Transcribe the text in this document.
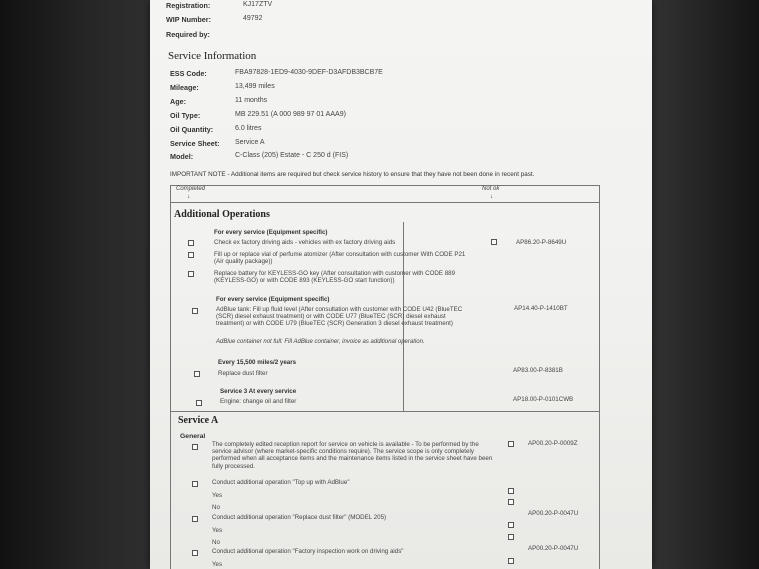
Registration:	KJ17ZTV
WIP Number:	49792
Required by:
Service Information
ESS Code:	FBA97828-1ED9-4030-9DEF-D3AFDB3BCB7E
Mileage:	13,499 miles
Age:	11 months
Oil Type:	MB 229.51 (A 000 989 97 01 AAA9)
Oil Quantity:	6.0 litres
Service Sheet: Service A
Model:	C-Class (205) Estate - C 250 d (FIS)
IMPORTANT NOTE - Additional items are required but check service history to ensure that they have not been done in recent past.
Completed
↓
Not ok
↓
Additional Operations
For every service (Equipment specific)
Check ex factory driving aids - vehicles with ex factory driving aids	AP86.20-P-8649U
Fill up or replace vial of perfume atomizer (After consultation with customer With CODE P21 (Air quality package))
Replace battery for KEYLESS-GO key (After consultation with customer with CODE 889 (KEYLESS-GO) or with CODE 893 (KEYLESS-GO start function))
For every service (Equipment specific)
AdBlue tank: Fill up fluid level (After consultation with customer with CODE U42 (BlueTEC (SCR) diesel exhaust treatment) or with CODE U77 (BlueTEC (SCR) diesel exhaust treatment) or with CODE U79 (BlueTEC (SCR) Generation 3 diesel exhaust treatment)
AP14.40-P-1410BT
AdBlue container not full: Fill AdBlue container, invoice as additional operation.
Every 15,500 miles/2 years
Replace dust filter	AP83.00-P-8381B
Service 3 At every service
Engine: change oil and filter	AP18.00-P-0101CWB
Service A
General
The completely edited reception report for service on vehicle is available - To be performed by the service advisor (where market-specific conditions require). The service scope is only completely performed when all acceptance items and the maintenance items listed in the service sheet have been fully processed.
AP00.20-P-0009Z
Conduct additional operation "Top up with AdBlue"
Yes
No
Conduct additional operation "Replace dust filter" (MODEL 205)
AP00.20-P-0047U
Yes
No
Conduct additional operation "Factory inspection work on driving aids"	AP00.20-P-0047U
Yes
